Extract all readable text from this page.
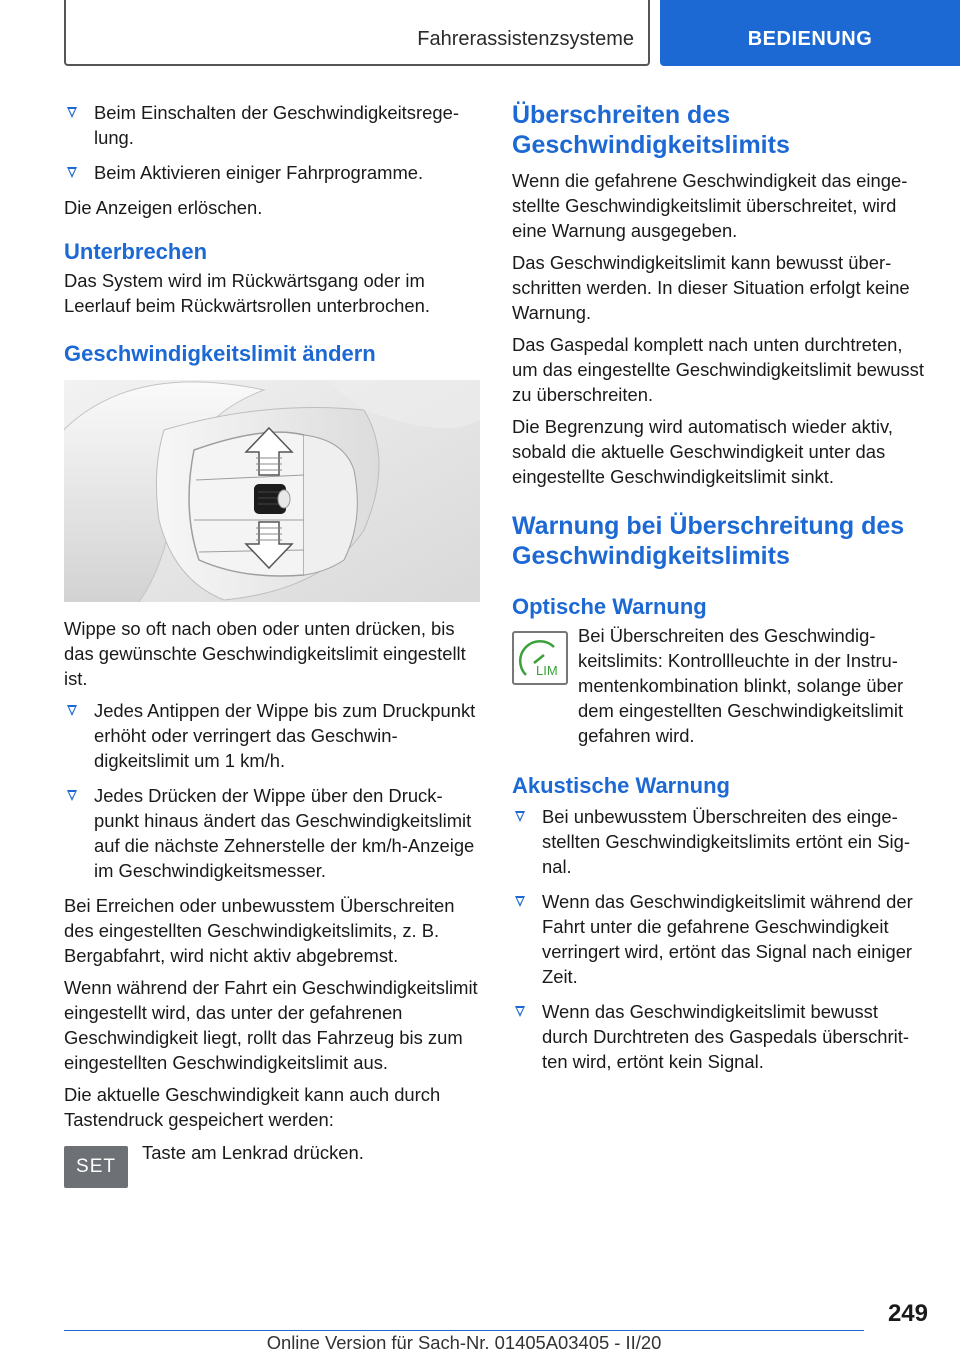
Fahrerassistenzsysteme	BEDIENUNG
Beim Einschalten der Geschwindigkeitsregelung.
Beim Aktivieren einiger Fahrprogramme.

Die Anzeigen erlöschen.

Unterbrechen

Das System wird im Rückwärtsgang oder im Leerlauf beim Rückwärtsrollen unterbrochen.

Geschwindigkeitslimit ändern

Wippe so oft nach oben oder unten drücken, bis das gewünschte Geschwindigkeitslimit eingestellt ist.

Jedes Antippen der Wippe bis zum Druckpunkt erhöht oder verringert das Geschwindigkeitslimit um 1 km/h.
Jedes Drücken der Wippe über den Druckpunkt hinaus ändert das Geschwindigkeitslimit auf die nächste Zehnerstelle der km/h-Anzeige im Geschwindigkeitsmesser.

Bei Erreichen oder unbewusstem Überschreiten des eingestellten Geschwindigkeitslimits, z. B. Bergabfahrt, wird nicht aktiv abgebremst.

Wenn während der Fahrt ein Geschwindigkeitslimit eingestellt wird, das unter der gefahrenen Geschwindigkeit liegt, rollt das Fahrzeug bis zum eingestellten Geschwindigkeitslimit aus.

Die aktuelle Geschwindigkeit kann auch durch Tastendruck gespeichert werden:

SET

Taste am Lenkrad drücken.

Überschreiten des Geschwindigkeitslimits

Wenn die gefahrene Geschwindigkeit das eingestellte Geschwindigkeitslimit überschreitet, wird eine Warnung ausgegeben.

Das Geschwindigkeitslimit kann bewusst überschritten werden. In dieser Situation erfolgt keine Warnung.

Das Gaspedal komplett nach unten durchtreten, um das eingestellte Geschwindigkeitslimit bewusst zu überschreiten.

Die Begrenzung wird automatisch wieder aktiv, sobald die aktuelle Geschwindigkeit unter das eingestellte Geschwindigkeitslimit sinkt.

Warnung bei Überschreitung des Geschwindigkeitslimits
Optische Warnung
LIM

Bei Überschreiten des Geschwindigkeitslimits: Kontrollleuchte in der Instrumentenkombination blinkt, solange über dem eingestellten Geschwindigkeitslimit gefahren wird.

Akustische Warnung
Bei unbewusstem Überschreiten des eingestellten Geschwindigkeitslimits ertönt ein Signal.
Wenn das Geschwindigkeitslimit während der Fahrt unter die gefahrene Geschwindigkeit verringert wird, ertönt das Signal nach einiger Zeit.
Wenn das Geschwindigkeitslimit bewusst durch Durchtreten des Gaspedals überschritten wird, ertönt kein Signal.
249
Online Version für Sach-Nr. 01405A03405 - II/20
